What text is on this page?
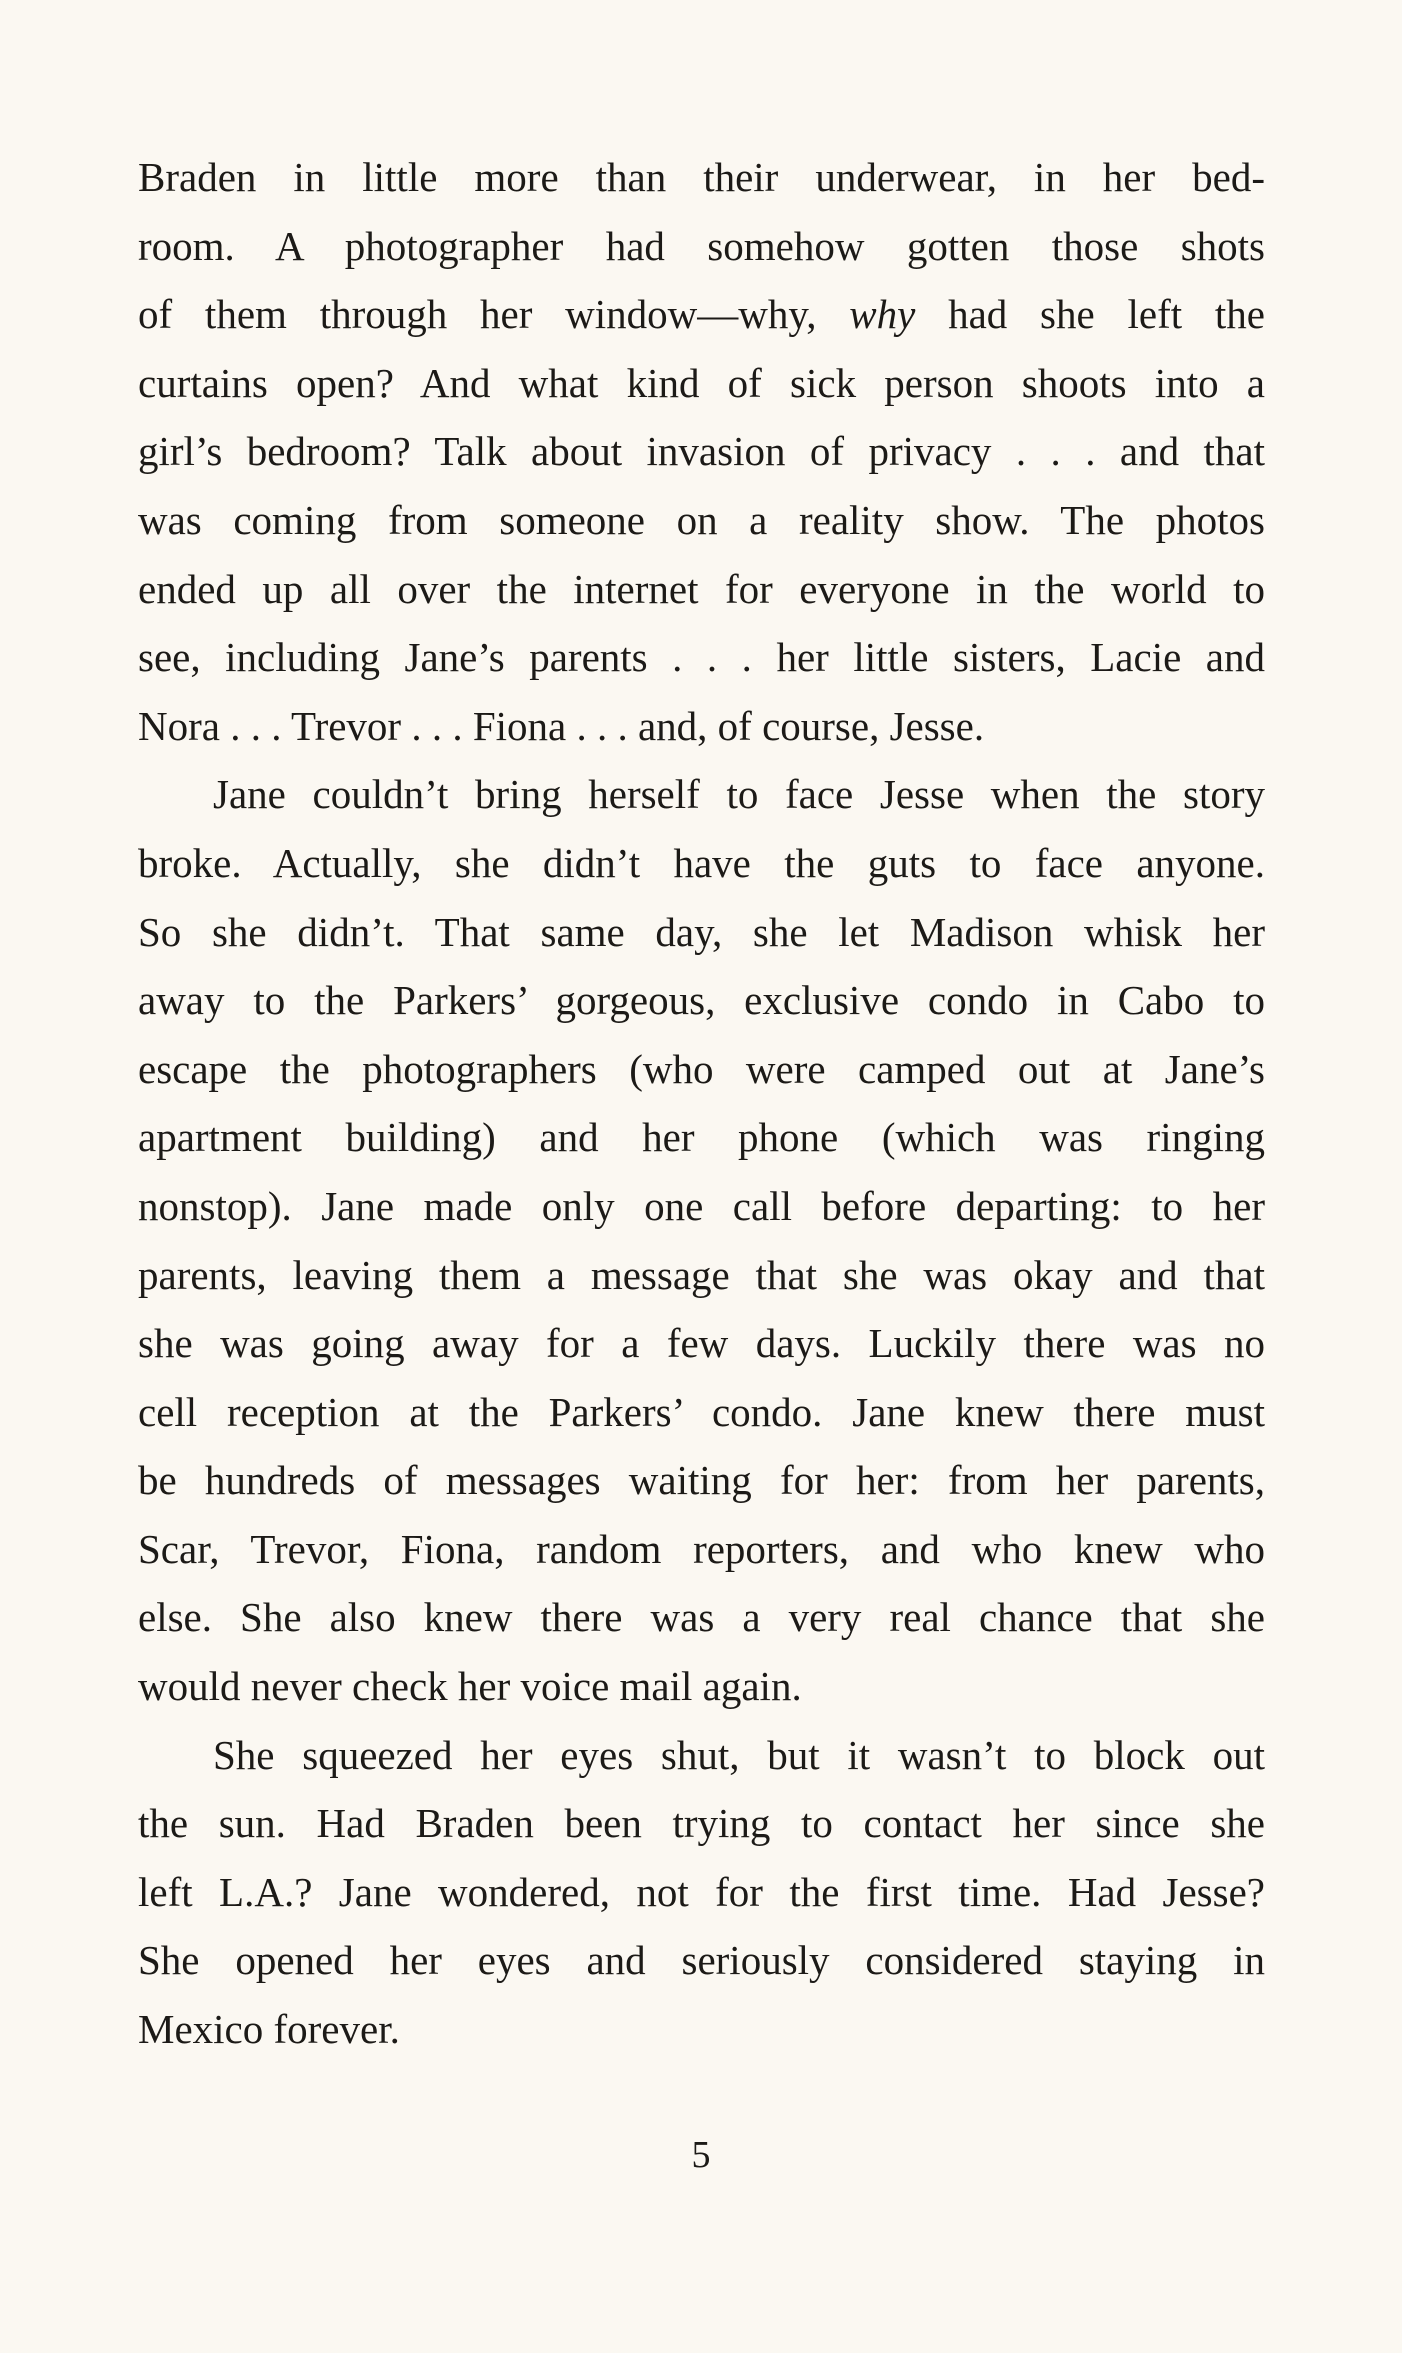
Braden in little more than their underwear, in her bed-
room. A photographer had somehow gotten those shots
of them through her window—why, why had she left the
curtains open? And what kind of sick person shoots into a
girl’s bedroom? Talk about invasion of privacy . . . and that
was coming from someone on a reality show. The photos
ended up all over the internet for everyone in the world to
see, including Jane’s parents . . . her little sisters, Lacie and
Nora . . . Trevor . . . Fiona . . . and, of course, Jesse.
Jane couldn’t bring herself to face Jesse when the story
broke. Actually, she didn’t have the guts to face anyone.
So she didn’t. That same day, she let Madison whisk her
away to the Parkers’ gorgeous, exclusive condo in Cabo to
escape the photographers (who were camped out at Jane’s
apartment building) and her phone (which was ringing
nonstop). Jane made only one call before departing: to her
parents, leaving them a message that she was okay and that
she was going away for a few days. Luckily there was no
cell reception at the Parkers’ condo. Jane knew there must
be hundreds of messages waiting for her: from her parents,
Scar, Trevor, Fiona, random reporters, and who knew who
else. She also knew there was a very real chance that she
would never check her voice mail again.
She squeezed her eyes shut, but it wasn’t to block out
the sun. Had Braden been trying to contact her since she
left L.A.? Jane wondered, not for the first time. Had Jesse?
She opened her eyes and seriously considered staying in
Mexico forever.
5
